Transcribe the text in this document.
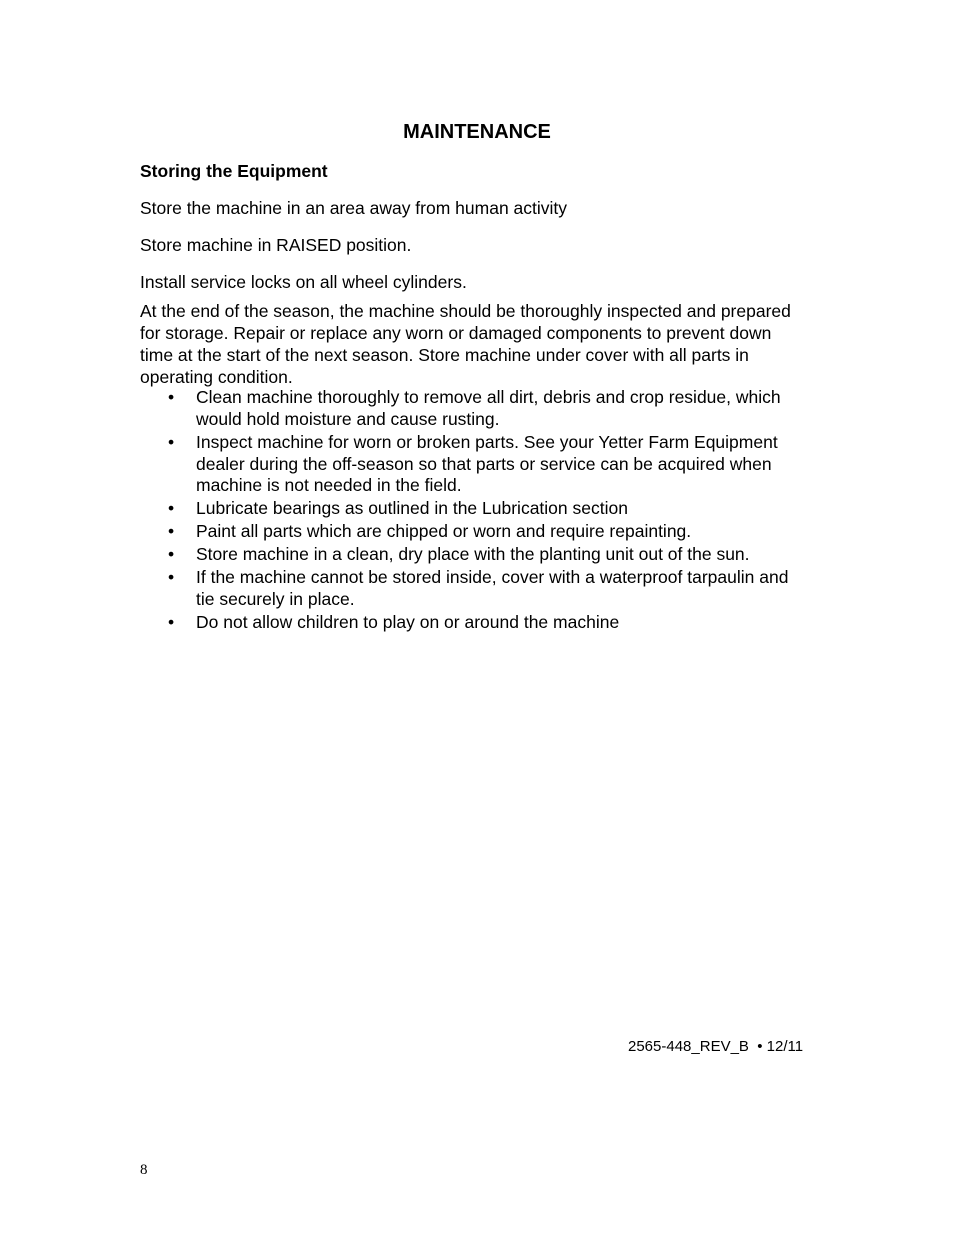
MAINTENANCE
Storing the Equipment
Store the machine in an area away from human activity
Store machine in RAISED position.
Install service locks on all wheel cylinders.
At the end of the season, the machine should be thoroughly inspected and prepared for storage. Repair or replace any worn or damaged components to prevent down time at the start of the next season. Store machine under cover with all parts in operating condition.
• Clean machine thoroughly to remove all dirt, debris and crop residue, which would hold moisture and cause rusting.
• Inspect machine for worn or broken parts. See your Yetter Farm Equipment dealer during the off-season so that parts or service can be acquired when machine is not needed in the field.
• Lubricate bearings as outlined in the Lubrication section
• Paint all parts which are chipped or worn and require repainting.
• Store machine in a clean, dry place with the planting unit out of the sun.
• If the machine cannot be stored inside, cover with a waterproof tarpaulin and tie securely in place.
• Do not allow children to play on or around the machine
2565-448_REV_B  • 12/11
8
